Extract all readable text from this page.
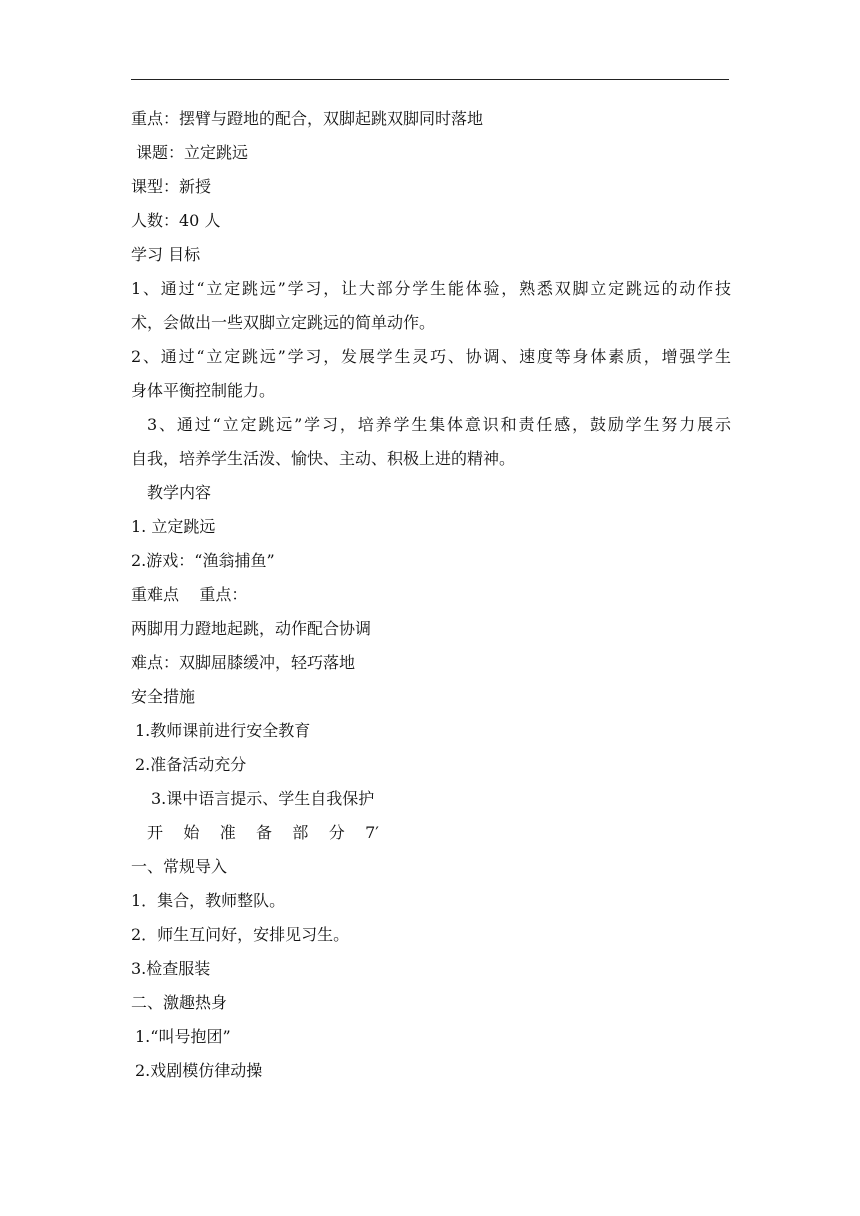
重点：摆臂与蹬地的配合，双脚起跳双脚同时落地
课题：立定跳远
课型：新授
人数：40 人
学习 目标
1、通过“立定跳远”学习，让大部分学生能体验，熟悉双脚立定跳远的动作技
术，会做出一些双脚立定跳远的简单动作。
2、通过“立定跳远”学习，发展学生灵巧、协调、速度等身体素质，增强学生
身体平衡控制能力。
3、通过“立定跳远”学习，培养学生集体意识和责任感，鼓励学生努力展示
自我，培养学生活泼、愉快、主动、积极上进的精神。
教学内容
1. 立定跳远
2.游戏：“渔翁捕鱼”
重难点    重点：
两脚用力蹬地起跳，动作配合协调
难点：双脚屈膝缓冲，轻巧落地
安全措施
1.教师课前进行安全教育
2.准备活动充分
3.课中语言提示、学生自我保护
开    始    准    备    部    分    7′
一、常规导入
1．集合，教师整队。
2．师生互问好，安排见习生。
3.检查服装
二、激趣热身
1.“叫号抱团”
2.戏剧模仿律动操
